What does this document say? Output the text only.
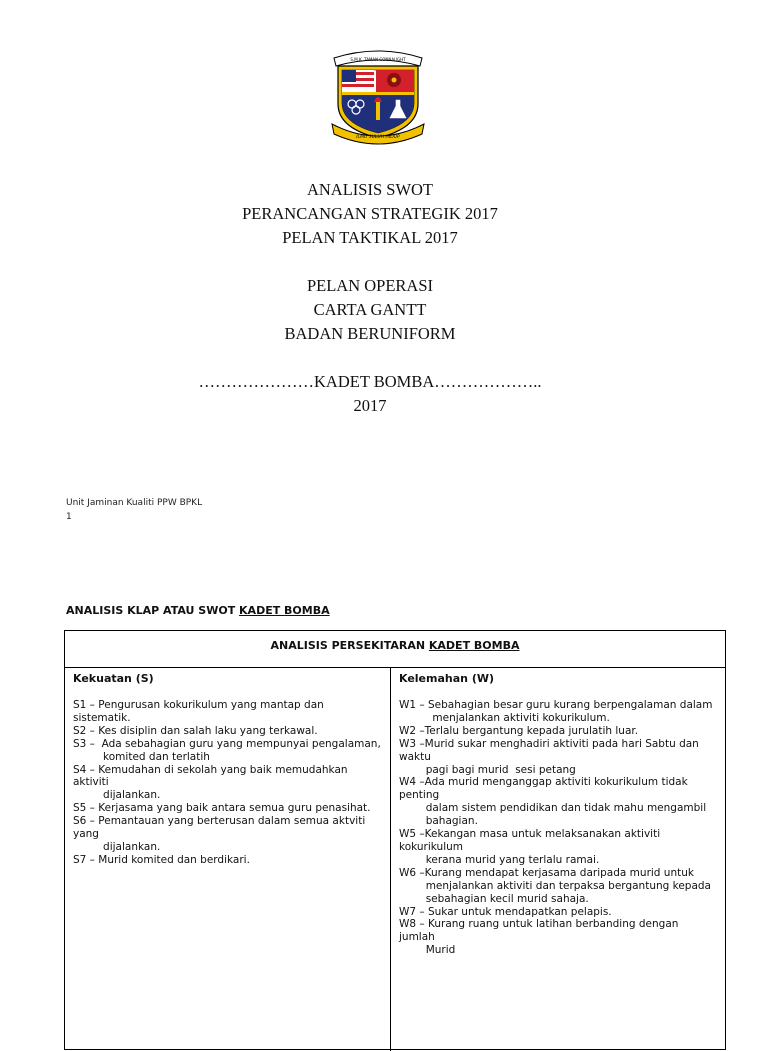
S.M.K. TAMAN CONNAUGHT
ILMU SULUH HIDUP
ANALISIS SWOT
PERANCANGAN STRATEGIK 2017
PELAN TAKTIKAL 2017
PELAN OPERASI
CARTA GANTT
BADAN BERUNIFORM
…………………KADET BOMBA………………..
2017
Unit Jaminan Kualiti PPW BPKL
1
ANALISIS KLAP ATAU SWOT KADET BOMBA
ANALISIS PERSEKITARAN KADET BOMBA
Kekuatan (S)
S1 – Pengurusan kokurikulum yang mantap dan sistematik.
S2 – Kes disiplin dan salah laku yang terkawal.
S3 –  Ada sebahagian guru yang mempunyai pengalaman,
komited dan terlatih
S4 – Kemudahan di sekolah yang baik memudahkan aktiviti
dijalankan.
S5 – Kerjasama yang baik antara semua guru penasihat.
S6 – Pemantauan yang berterusan dalam semua aktviti yang
dijalankan.
S7 – Murid komited dan berdikari.
Kelemahan (W)
W1 – Sebahagian besar guru kurang berpengalaman dalam
menjalankan aktiviti kokurikulum.
W2 –Terlalu bergantung kepada jurulatih luar.
W3 –Murid sukar menghadiri aktiviti pada hari Sabtu dan waktu
pagi bagi murid  sesi petang
W4 –Ada murid menganggap aktiviti kokurikulum tidak penting
dalam sistem pendidikan dan tidak mahu mengambil
bahagian.
W5 –Kekangan masa untuk melaksanakan aktiviti kokurikulum
kerana murid yang terlalu ramai.
W6 –Kurang mendapat kerjasama daripada murid untuk
menjalankan aktiviti dan terpaksa bergantung kepada
sebahagian kecil murid sahaja.
W7 – Sukar untuk mendapatkan pelapis.
W8 – Kurang ruang untuk latihan berbanding dengan jumlah
Murid
